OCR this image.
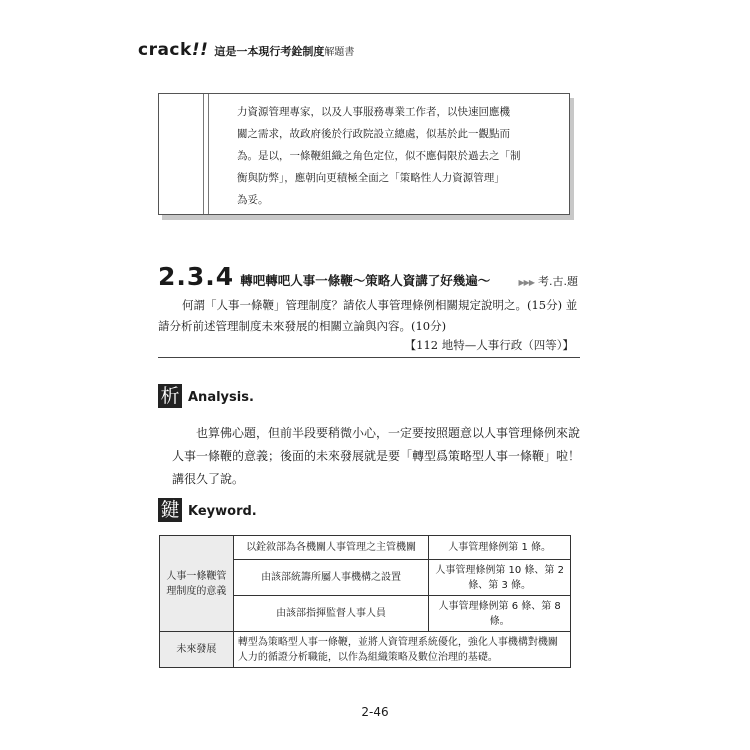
crack!! 這是一本現行考銓制度解題書
力資源管理專家，以及人事服務專業工作者，以快速回應機
關之需求，故政府後於行政院設立總處，似基於此一觀點而
為。是以，一條鞭組織之角色定位，似不應侷限於過去之「制
衡與防弊」，應朝向更積極全面之「策略性人力資源管理」
為妥。
2.3.4 轉吧轉吧人事一條鞭～策略人資講了好幾遍～	▶▶▶ 考.古.題

何謂「人事一條鞭」管理制度？請依人事管理條例相關規定說明之。(15分) 並請分析前述管理制度未來發展的相關立論與內容。(10分)

【112 地特—人事行政（四等）】
析 Analysis.

也算佛心題，但前半段要稍微小心，一定要按照題意以人事管理條例來說人事一條鞭的意義；後面的未來發展就是要「轉型爲策略型人事一條鞭」啦！講很久了說。

鍵 Keyword.
人事一條鞭管理制度的意義	以銓敘部為各機關人事管理之主管機關	人事管理條例第 1 條。
	由該部統籌所屬人事機構之設置	人事管理條例第 10 條、第 2 條、第 3 條。
	由該部指揮監督人事人員	人事管理條例第 6 條、第 8 條。
未來發展	轉型為策略型人事一條鞭，並將人資管理系統優化，強化人事機構對機關人力的循證分析職能，以作為組織策略及數位治理的基礎。	
2-46
